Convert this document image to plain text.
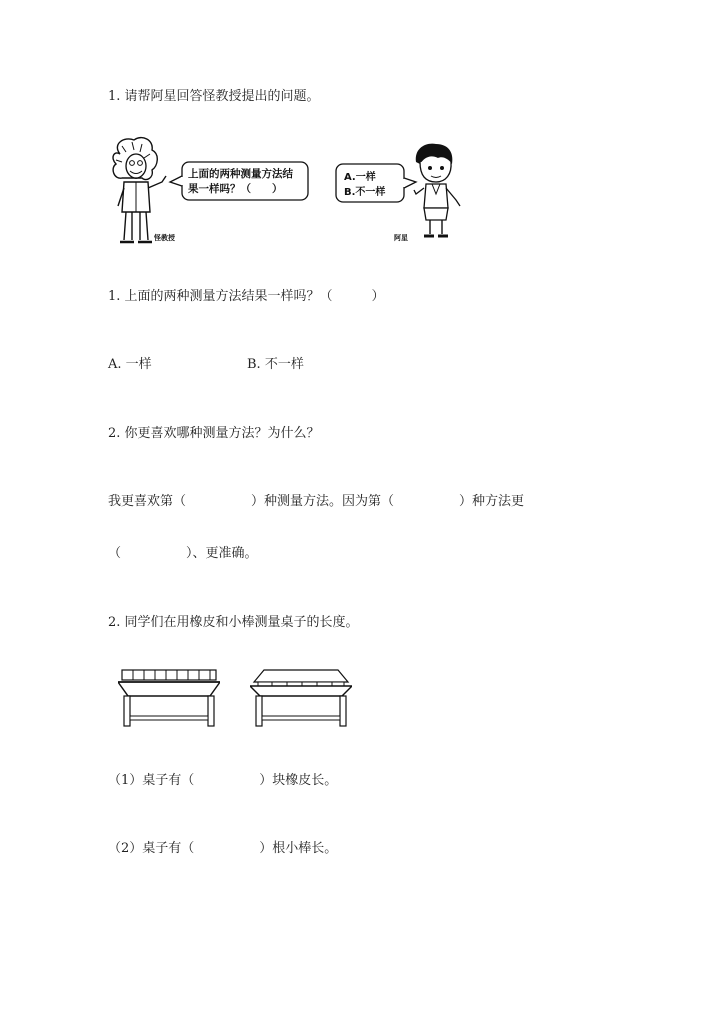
1. 请帮阿星回答怪教授提出的问题。
怪教授
上面的两种测量方法结
果一样吗？（　　）
A.一样
B.不一样
阿星
1. 上面的两种测量方法结果一样吗？（　　　）
A. 一样	B. 不一样
2. 你更喜欢哪种测量方法？为什么？
我更喜欢第（　　　　　）种测量方法。因为第（　　　　　）种方法更
（　　　　　）、更准确。
2. 同学们在用橡皮和小棒测量桌子的长度。
（1）桌子有（　　　　　）块橡皮长。
（2）桌子有（　　　　　）根小棒长。
